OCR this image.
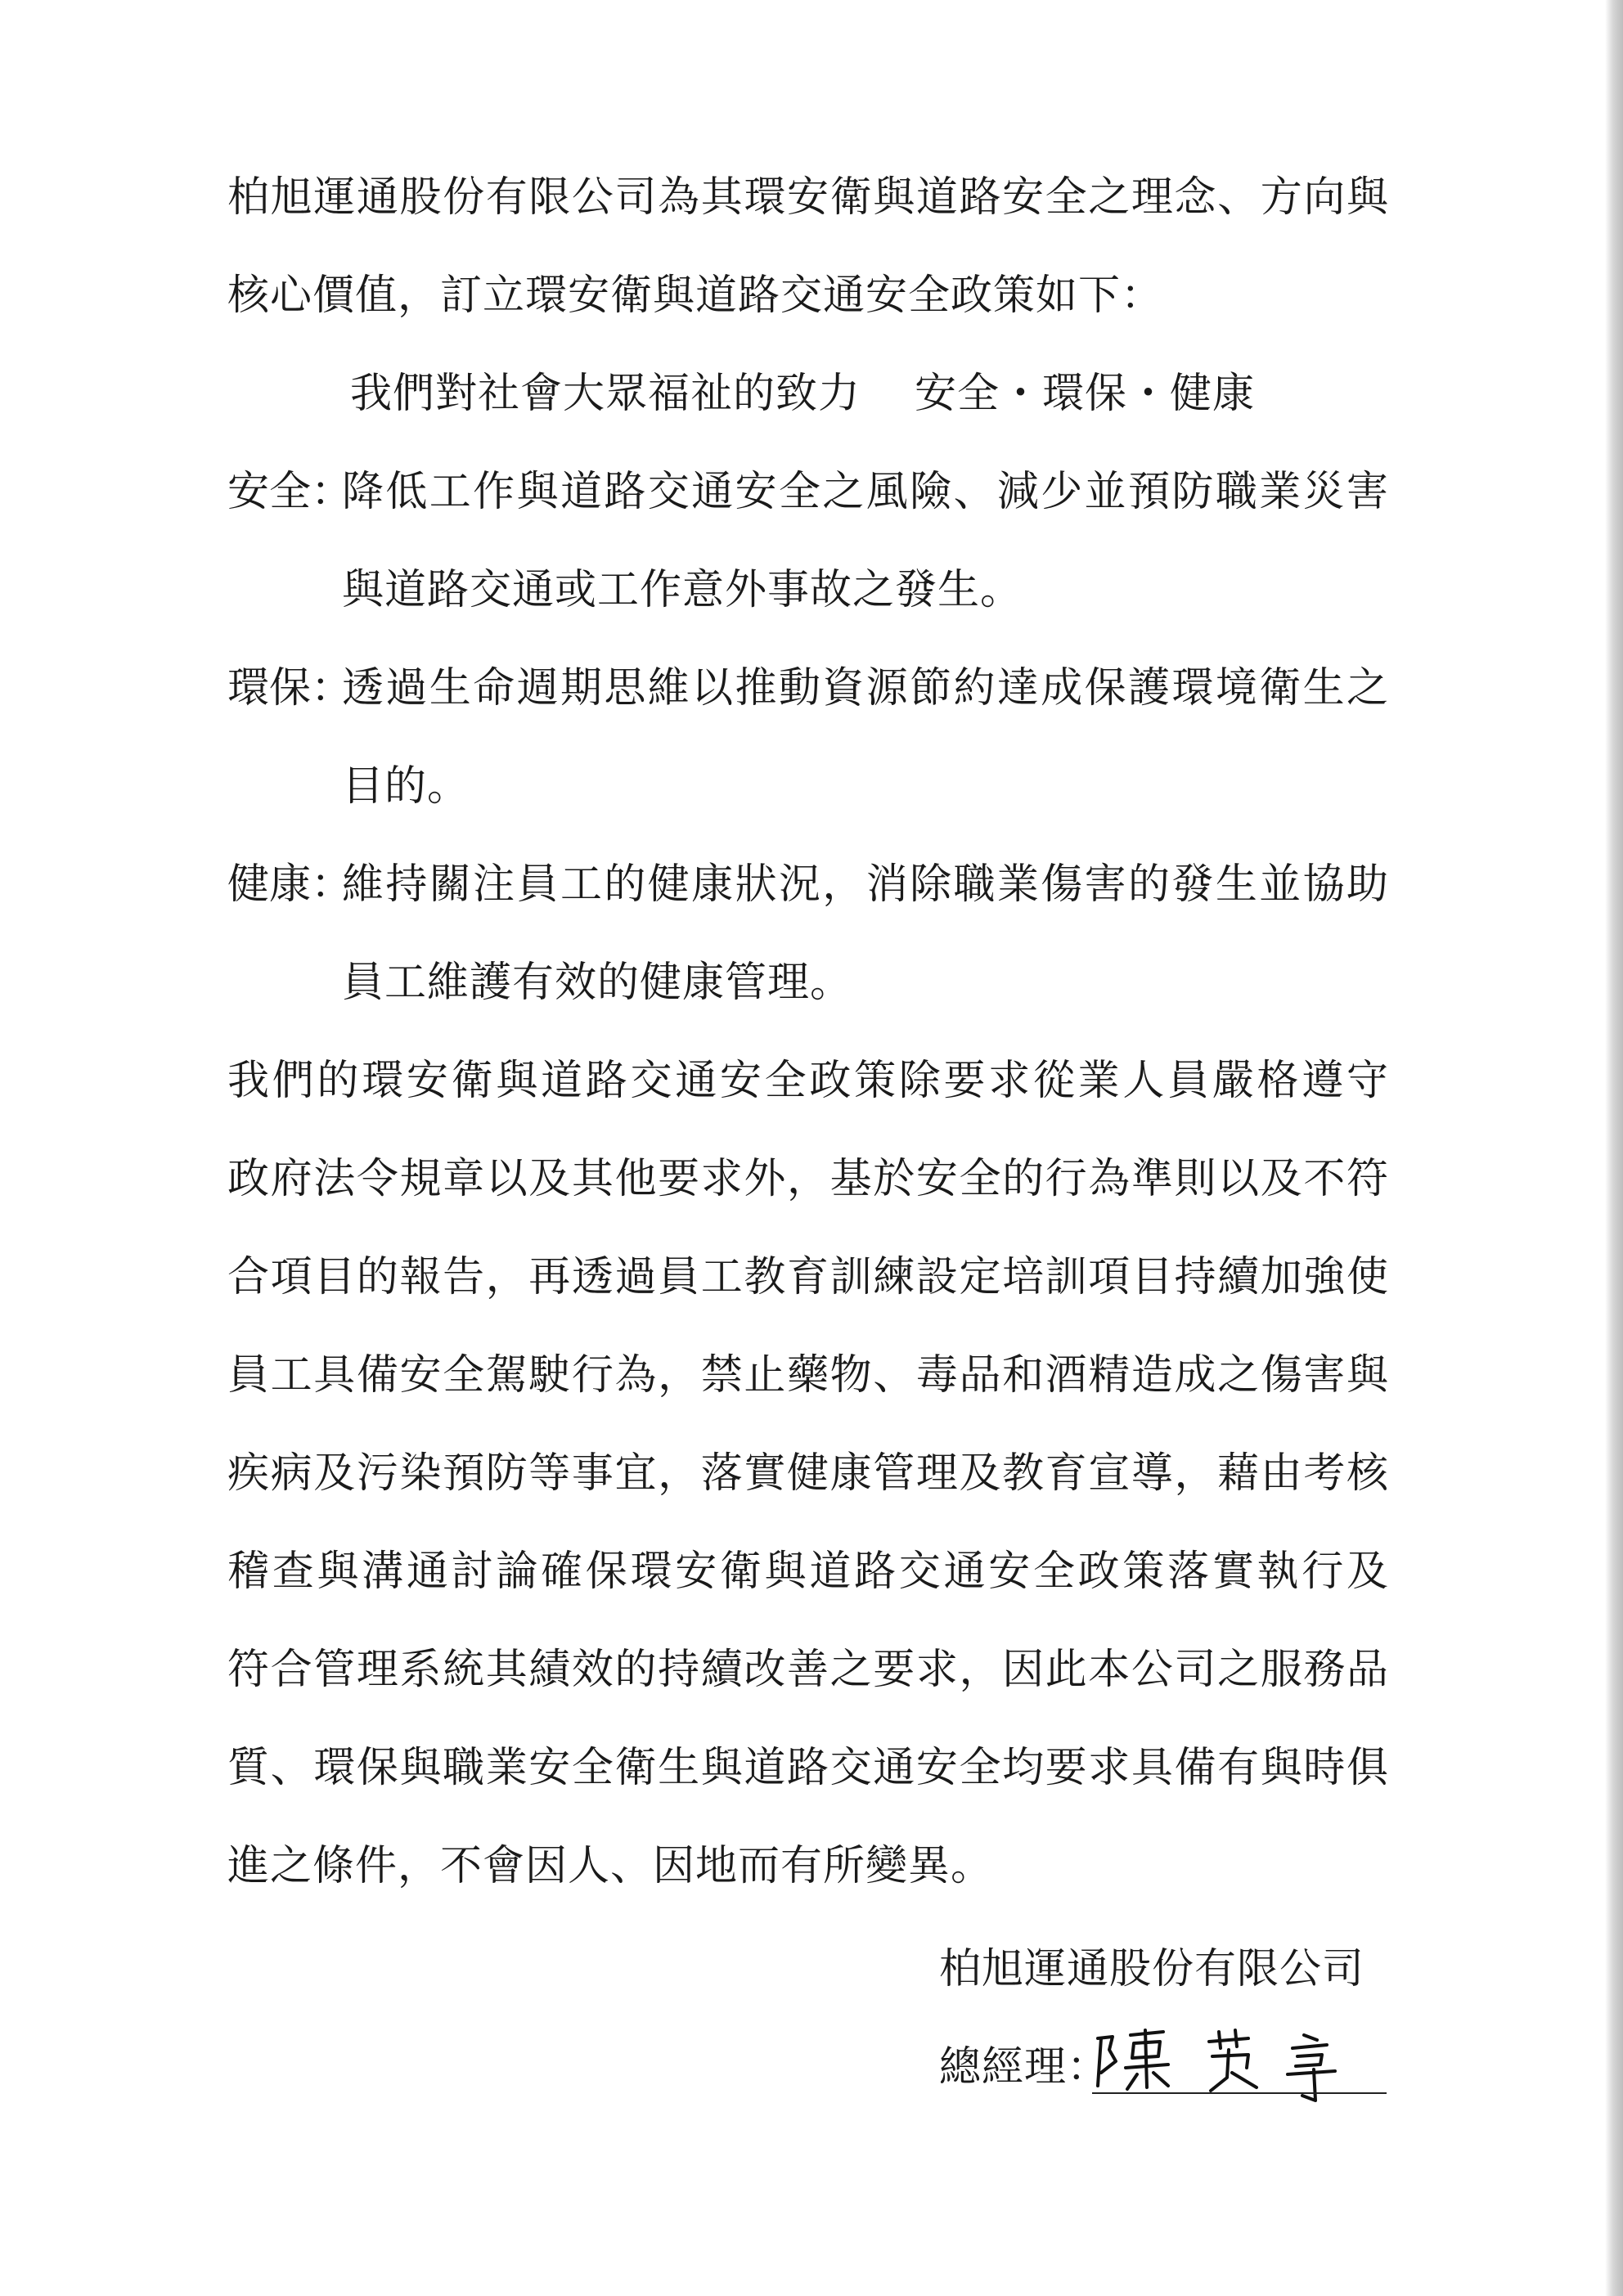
柏旭運通股份有限公司為其環安衛與道路安全之理念、方向與
核心價值，訂立環安衛與道路交通安全政策如下：
我們對社會大眾福祉的致力 安全・環保・健康
安全：
降低工作與道路交通安全之風險、減少並預防職業災害
與道路交通或工作意外事故之發生。
環保：
透過生命週期思維以推動資源節約達成保護環境衛生之
目的。
健康：
維持關注員工的健康狀況，消除職業傷害的發生並協助
員工維護有效的健康管理。
我們的環安衛與道路交通安全政策除要求從業人員嚴格遵守
政府法令規章以及其他要求外，基於安全的行為準則以及不符
合項目的報告，再透過員工教育訓練設定培訓項目持續加強使
員工具備安全駕駛行為，禁止藥物、毒品和酒精造成之傷害與
疾病及污染預防等事宜，落實健康管理及教育宣導，藉由考核
稽查與溝通討論確保環安衛與道路交通安全政策落實執行及
符合管理系統其績效的持續改善之要求，因此本公司之服務品
質、環保與職業安全衛生與道路交通安全均要求具備有與時俱
進之條件，不會因人、因地而有所變異。
柏旭運通股份有限公司
總經理：
